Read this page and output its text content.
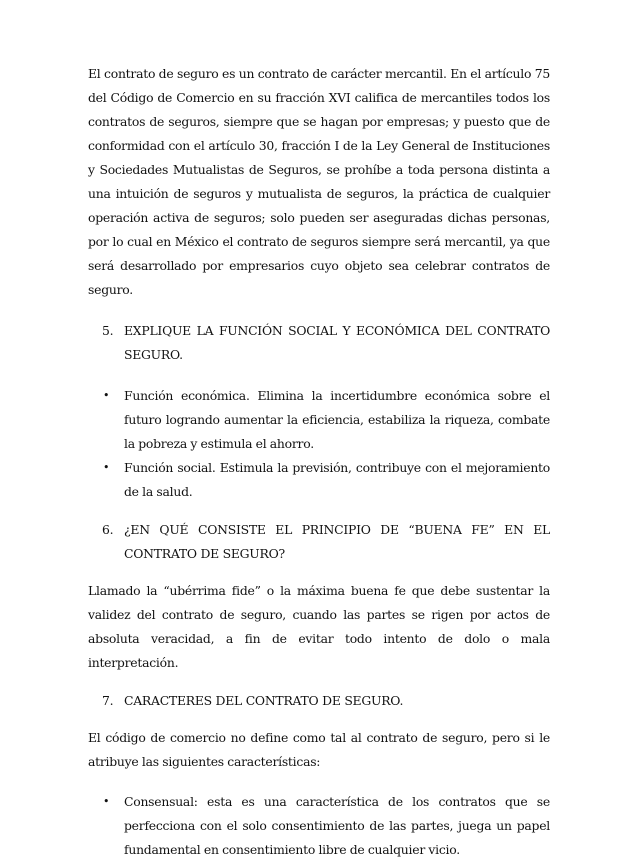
El contrato de seguro es un contrato de carácter mercantil. En el artículo 75 del Código de Comercio en su fracción XVI califica de mercantiles todos los contratos de seguros, siempre que se hagan por empresas; y puesto que de conformidad con el artículo 30, fracción I de la Ley General de Instituciones y Sociedades Mutualistas de Seguros, se prohíbe a toda persona distinta a una intuición de seguros y mutualista de seguros, la práctica de cualquier operación activa de seguros; solo pueden ser aseguradas dichas personas, por lo cual en México el contrato de seguros siempre será mercantil, ya que será desarrollado por empresarios cuyo objeto sea celebrar contratos de seguro.

5. EXPLIQUE LA FUNCIÓN SOCIAL Y ECONÓMICA DEL CONTRATO SEGURO.

• Función económica. Elimina la incertidumbre económica sobre el futuro logrando aumentar la eficiencia, estabiliza la riqueza, combate la pobreza y estimula el ahorro.
• Función social. Estimula la previsión, contribuye con el mejoramiento de la salud.

6. ¿EN QUÉ CONSISTE EL PRINCIPIO DE “BUENA FE” EN EL CONTRATO DE SEGURO?

Llamado la “ubérrima fide” o la máxima buena fe que debe sustentar la validez del contrato de seguro, cuando las partes se rigen por actos de absoluta veracidad, a fin de evitar todo intento de dolo o mala interpretación.

7. CARACTERES DEL CONTRATO DE SEGURO.

El código de comercio no define como tal al contrato de seguro, pero si le atribuye las siguientes características:

• Consensual: esta es una característica de los contratos que se perfecciona con el solo consentimiento de las partes, juega un papel fundamental en consentimiento libre de cualquier vicio.
